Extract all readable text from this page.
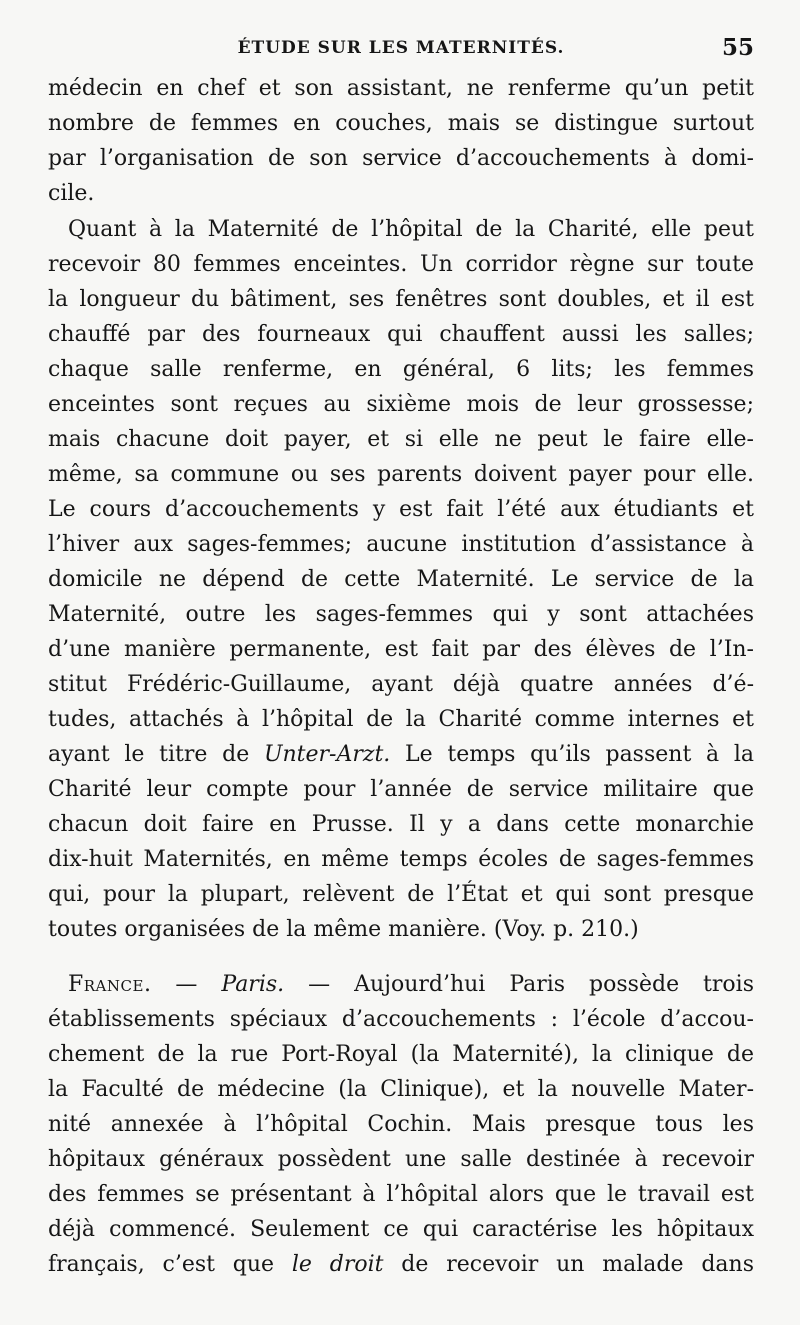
ÉTUDE SUR LES MATERNITÉS.	55
médecin en chef et son assistant, ne renferme qu’un petit
nombre de femmes en couches, mais se distingue surtout
par l’organisation de son service d’accouchements à domi-
cile.
Quant à la Maternité de l’hôpital de la Charité, elle peut
recevoir 80 femmes enceintes. Un corridor règne sur toute
la longueur du bâtiment, ses fenêtres sont doubles, et il est
chauffé par des fourneaux qui chauffent aussi les salles;
chaque salle renferme, en général, 6 lits; les femmes
enceintes sont reçues au sixième mois de leur grossesse;
mais chacune doit payer, et si elle ne peut le faire elle-
même, sa commune ou ses parents doivent payer pour elle.
Le cours d’accouchements y est fait l’été aux étudiants et
l’hiver aux sages-femmes; aucune institution d’assistance à
domicile ne dépend de cette Maternité. Le service de la
Maternité, outre les sages-femmes qui y sont attachées
d’une manière permanente, est fait par des élèves de l’In-
stitut Frédéric-Guillaume, ayant déjà quatre années d’é-
tudes, attachés à l’hôpital de la Charité comme internes et
ayant le titre de Unter-Arzt. Le temps qu’ils passent à la
Charité leur compte pour l’année de service militaire que
chacun doit faire en Prusse. Il y a dans cette monarchie
dix-huit Maternités, en même temps écoles de sages-femmes
qui, pour la plupart, relèvent de l’État et qui sont presque
toutes organisées de la même manière. (Voy. p. 210.)
France. — Paris. — Aujourd’hui Paris possède trois
établissements spéciaux d’accouchements : l’école d’accou-
chement de la rue Port-Royal (la Maternité), la clinique de
la Faculté de médecine (la Clinique), et la nouvelle Mater-
nité annexée à l’hôpital Cochin. Mais presque tous les
hôpitaux généraux possèdent une salle destinée à recevoir
des femmes se présentant à l’hôpital alors que le travail est
déjà commencé. Seulement ce qui caractérise les hôpitaux
français, c’est que le droit de recevoir un malade dans
